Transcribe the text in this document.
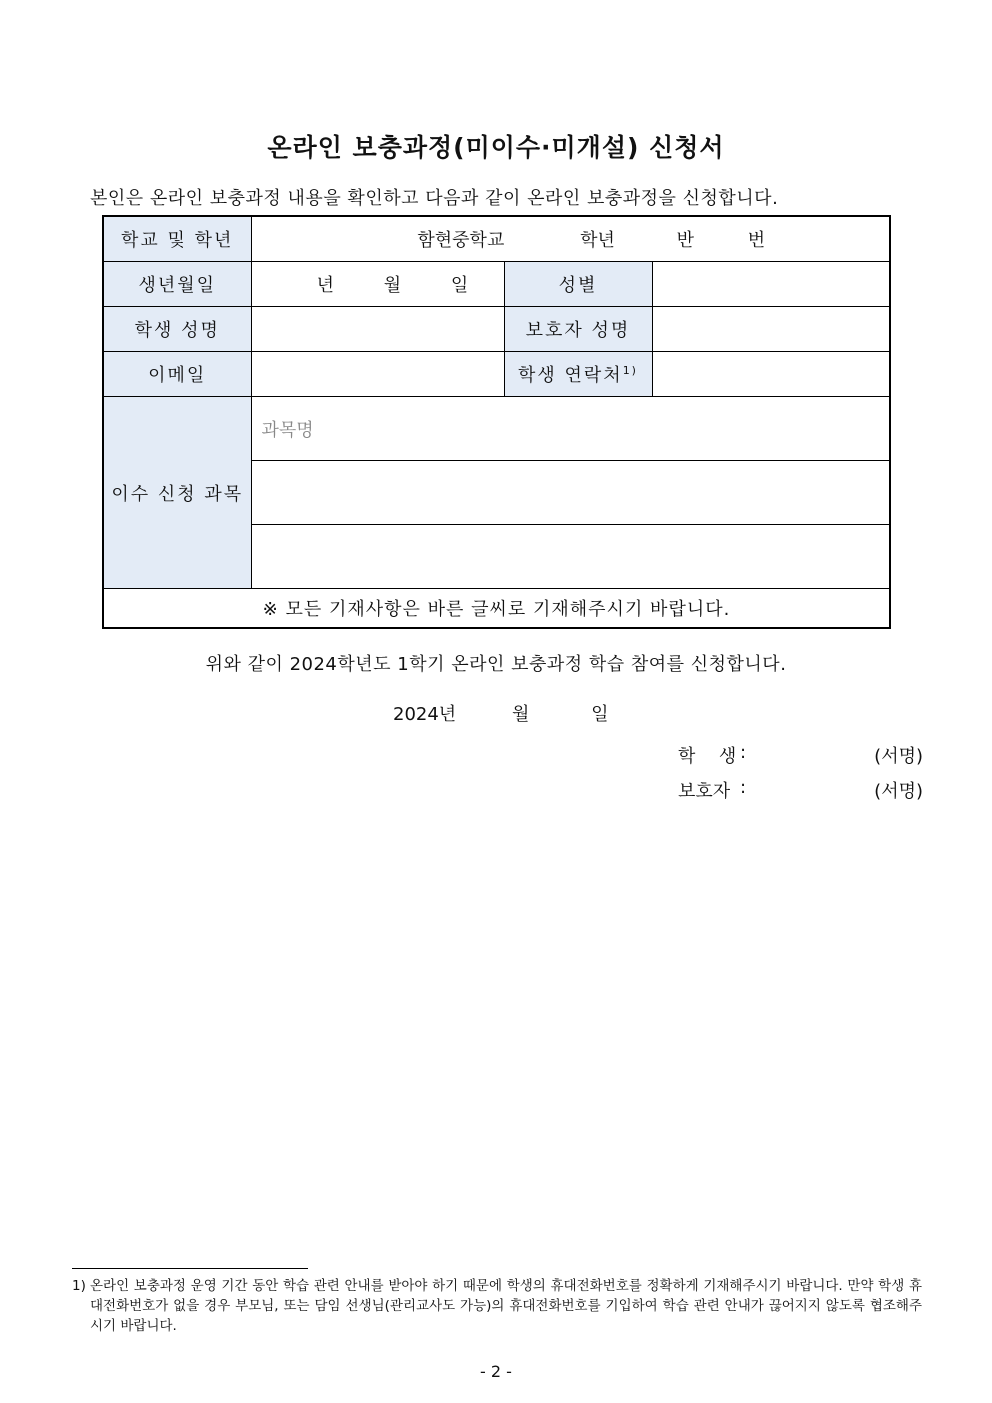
온라인 보충과정(미이수·미개설) 신청서
본인은 온라인 보충과정 내용을 확인하고 다음과 같이 온라인 보충과정을 신청합니다.
학교 및 학년	함현중학교 학년 반 번		
생년월일	년 월 일	성별	
학생 성명		보호자 성명	
이메일		학생 연락처$^{1)}$	
이수 신청 과목	과목명		

※ 모든 기재사항은 바른 글씨로 기재해주시기 바랍니다.			
위와 같이 2024학년도 1학기 온라인 보충과정 학습 참여를 신청합니다.
2024년	월	일
학  생 :	(서명)
보호자 :	(서명)
1) 온라인 보충과정 운영 기간 동안 학습 관련 안내를 받아야 하기 때문에 학생의 휴대전화번호를 정확하게 기재해주시기 바랍니다. 만약 학생 휴대전화번호가 없을 경우 부모님, 또는 담임 선생님(관리교사도 가능)의 휴대전화번호를 기입하여 학습 관련 안내가 끊어지지 않도록 협조해주시기 바랍니다.
- 2 -
